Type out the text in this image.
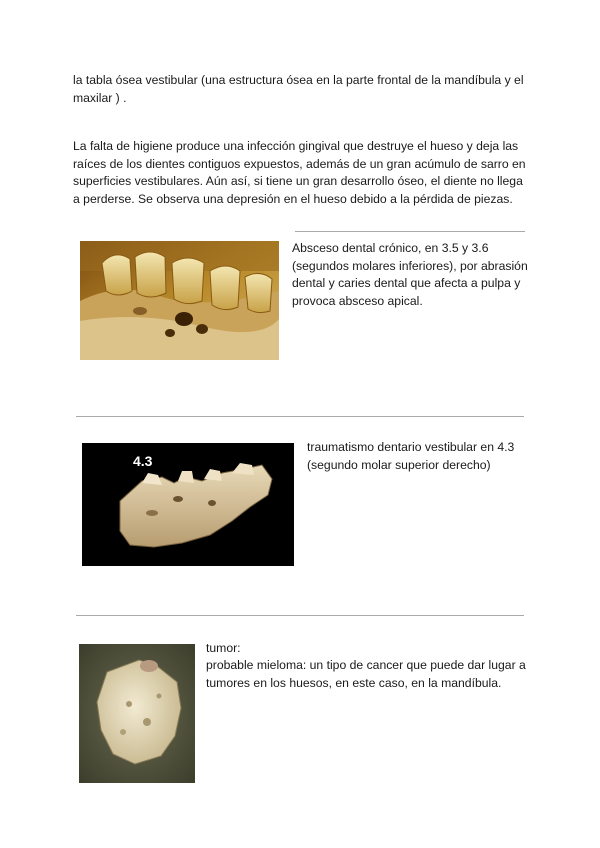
la tabla ósea vestibular (una estructura ósea en la parte frontal de la mandíbula y el maxilar ) .

La falta de higiene produce una infección gingival que destruye el hueso y deja las raíces de los dientes contiguos expuestos, además de un gran acúmulo de sarro en superficies vestibulares. Aún así, si tiene un gran desarrollo óseo, el diente no llega a perderse. Se observa una depresión en el hueso debido a la pérdida de piezas.

Absceso dental crónico, en 3.5 y 3.6 (segundos molares inferiores), por abrasión dental y caries dental que afecta a pulpa y provoca absceso apical.

4.3

traumatismo dentario vestibular en 4.3 (segundo molar superior derecho)

tumor:

probable mieloma: un tipo de cancer que puede dar lugar a tumores en los huesos, en este caso, en la mandíbula.
